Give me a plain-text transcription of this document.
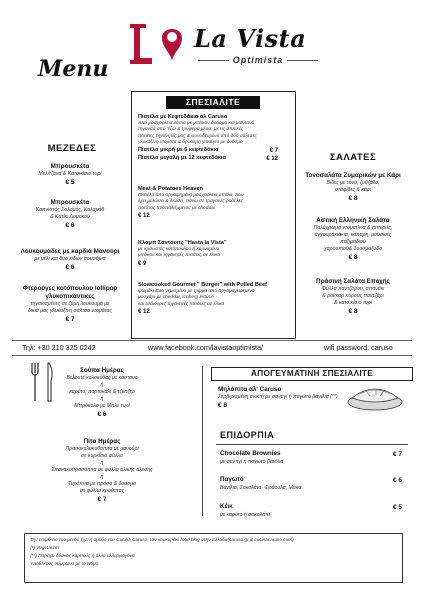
La Vista
Optimista
Menu
ΜΕΖΕΔΕΣ
Μπρουσκέτα
Μελιτζάνα & Κατσικίσιο τυρί
€ 5
Μπρουσκέτα
Καπνιστός Σολομός, Καλαμάθ
& Κατίκι Δομοκού
€ 6
Λουκουμάδες με καρδιά Μανούρι
με μέλι και δύο ειδών σουσάμια
€ 6
Φτερούγες κοτόπουλου lollipop
γλυκοπικάντικες
τηγανισμένες σε ζύμη λουκουμά με
δικιά μας γλυκόξινη σάλτσα ντομάτας
€ 7
ΣΠΕΣΙΑΛΙΤΕ
Πιατέλα με Κεφτεδάκια αλ Caruso
Από μοσχαρίσια λάπια με μπέϊκον δυόσμο και μαϊντανό,
τηγανιτά από 'έξω & τρυφερά μέσα, με τις σπιτικές
πατάτες τηγανητές μας & συνοδευμένα από δύο σάλτσες
γλυκόξινη ντομάτα & δροσερή γιαούρτι με δυόσμο
Πιατέλα μικρή με 6 κεφτεδάκια	€ 7
Πιατέλα μεγάλη με 12 κεφτεδάκια	€ 12
Meat & Potatoes Heaven
Πιατέλα από αργοψημένα μοσχαρίσια σπάλα, που
έχει μελώσει & λιώσει, πάνω σε τραγανές ροδέλες
πατάτας ποσπαλιέμμενες με cheddar
€ 12
Κλαμπ Σάντουιτς "Hasta la Vista"
με κρανιστές κοτόπουλου ή καρναμένο
μπέικον και τηγανητές πατάτες σε έλικα
€ 9
Slowcooked Gourmet " Burger" with Pulled Beef
ψωμάκι Bao γεμισμένο με τρίμμα από αργομαγειρεμένο
μοσχάρι με cheddar, iceberg lettuce
και ολόκλιρες τηγανητές πατάτες σε έλικα
€ 12
ΣΑΛΑΤΕΣ
Τονοσαλάτα Ζυμαρικών με Κάρι
Βίδες με τόνο, ζυθζάλο,
σταφίδες & κάρι
€ 8
Αστική Ελληνική Σαλάτα
Πολύχρωμα ντοματίνια & πιπεριές,
αγγουράκιάκια, κάπαρη, μουσκιές
παξιμαδιού
χαρουπιού& δυοσμόξυδο
€ 8
Πράσινη Σαλάτα Εποχής
Φύλλα παντζάρου, σπανάκι
& ρονκαρ κόρους παντζάρι
& κατσικίσιο τυρί
€ 8
Τηλ: +30 210 325 0242	www.facebook.com/lavistaoptimista/	wifi password: caruso
Σούπα Ημέρας
Βελουτέ κολοκύθας με κάστανο
ή
καρότο, πορτοκάλι & τζίντζερ
ή
Μπρόκολο με Μπλε τυρί
€ 6
Πίτα Ημέρας
Πρασοκολοκυθόπιτα με μανούρι
σε κυρκίσιο φύλλο
ή
Σπανακοπρασόπιτα σε φύλλο ολικής άλεσης
ή
Τυρόπιτα με πράσο & δυόσμο
σε φύλλο κρούστας
€ 7
ΑΠΟΓΕΥΜΑΤΙΝΗ ΣΠΕΣΙΑΛΙΤΕ
Μηλόπιτα αλ' Caruso
Σερβιρισμένη ανικτή με σαντιγί ή παγωτό βανίλια (**)
€ 8
ΕΠΙΔΟΡΠΙΑ
Chocolate Brownies	€ 7
με σαντιγί ή παγωτό βανίλια
Παγωτό	€ 6
Βανίλια, Σοκολάτα, Φράουλα, Μόκα
Κέικ	€ 5
με καρότο ή σοκολάτα
Την επιμέλεια του μενού έχει η ομάδα του Cucina Caruso, του κουκαράκι food blog στην Ελλάδα(caruso.gr & cucinacaruso.com)
(*) Vegetarian
(**) Παρέχει δύσκος καρπούς ή άλλα αλλεργιογόνα
Υποθέκους σύμφωνα με το Νόμο:
